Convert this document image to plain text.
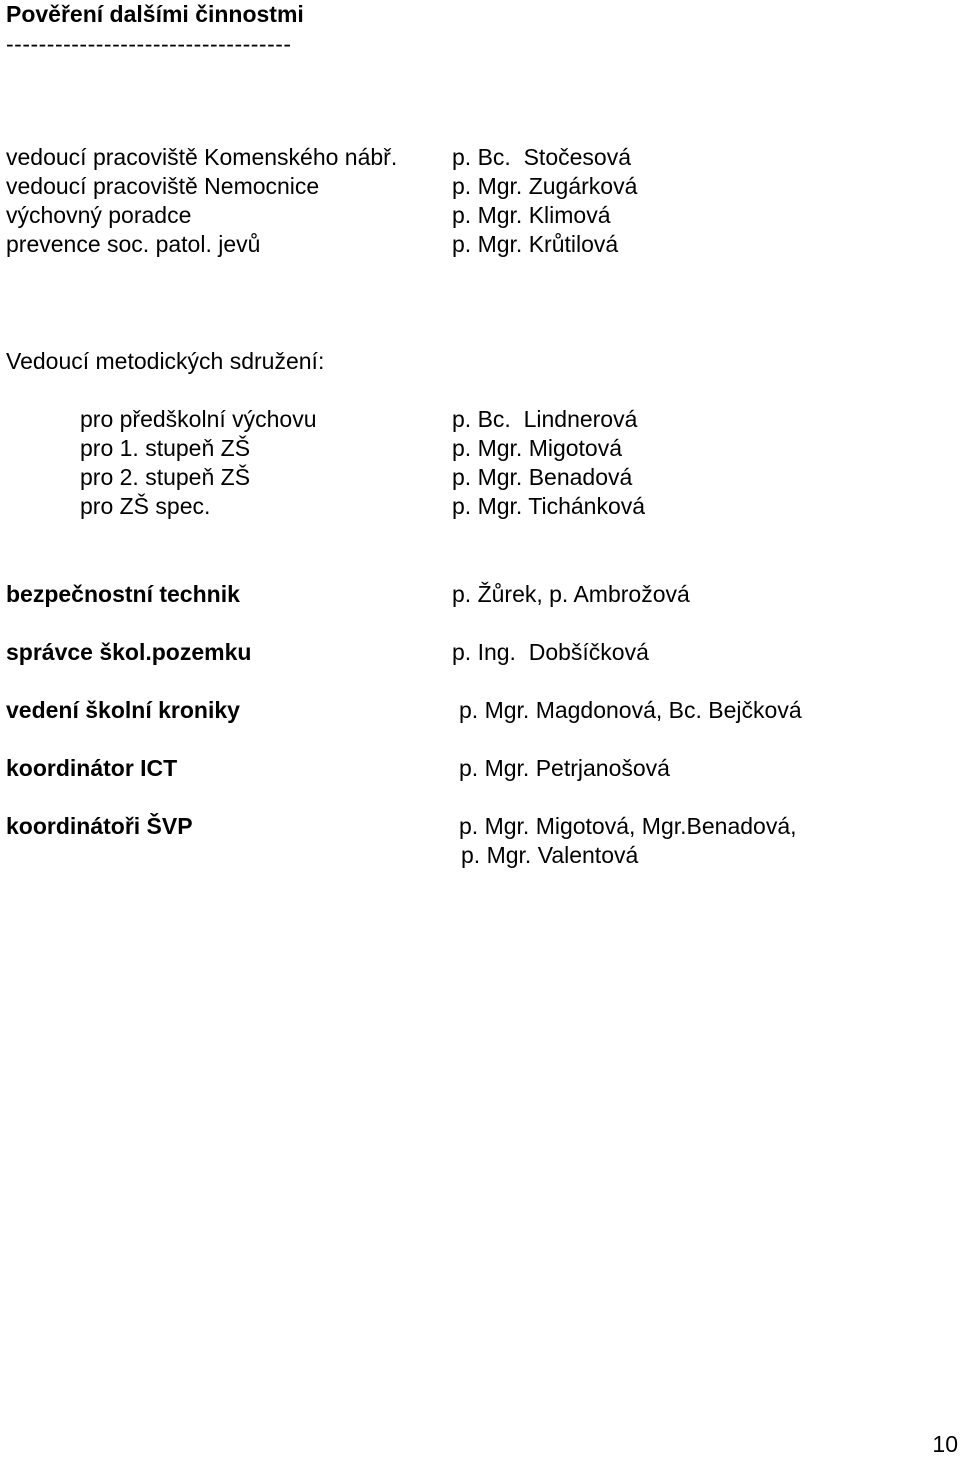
Pověření dalšími činnostmi
-----------------------------------
vedoucí pracoviště Komenského nábř. p. Bc.  Stočesová
vedoucí pracoviště Nemocnice	p. Mgr. Zugárková
výchovný poradce	p. Mgr. Klimová
prevence soc. patol. jevů	p. Mgr. Krůtilová
Vedoucí metodických sdružení:
pro předškolní výchovu	p. Bc.  Lindnerová
pro 1. stupeň ZŠ	p. Mgr. Migotová
pro 2. stupeň ZŠ	p. Mgr. Benadová
pro ZŠ spec.	p. Mgr. Tichánková
bezpečnostní technik	p. Žůrek, p. Ambrožová
správce škol.pozemku	p. Ing.  Dobšíčková
vedení školní kroniky	p. Mgr. Magdonová, Bc. Bejčková
koordinátor ICT	p. Mgr. Petrjanošová
koordinátoři ŠVP	p. Mgr. Migotová, Mgr.Benadová,
p. Mgr. Valentová
10
